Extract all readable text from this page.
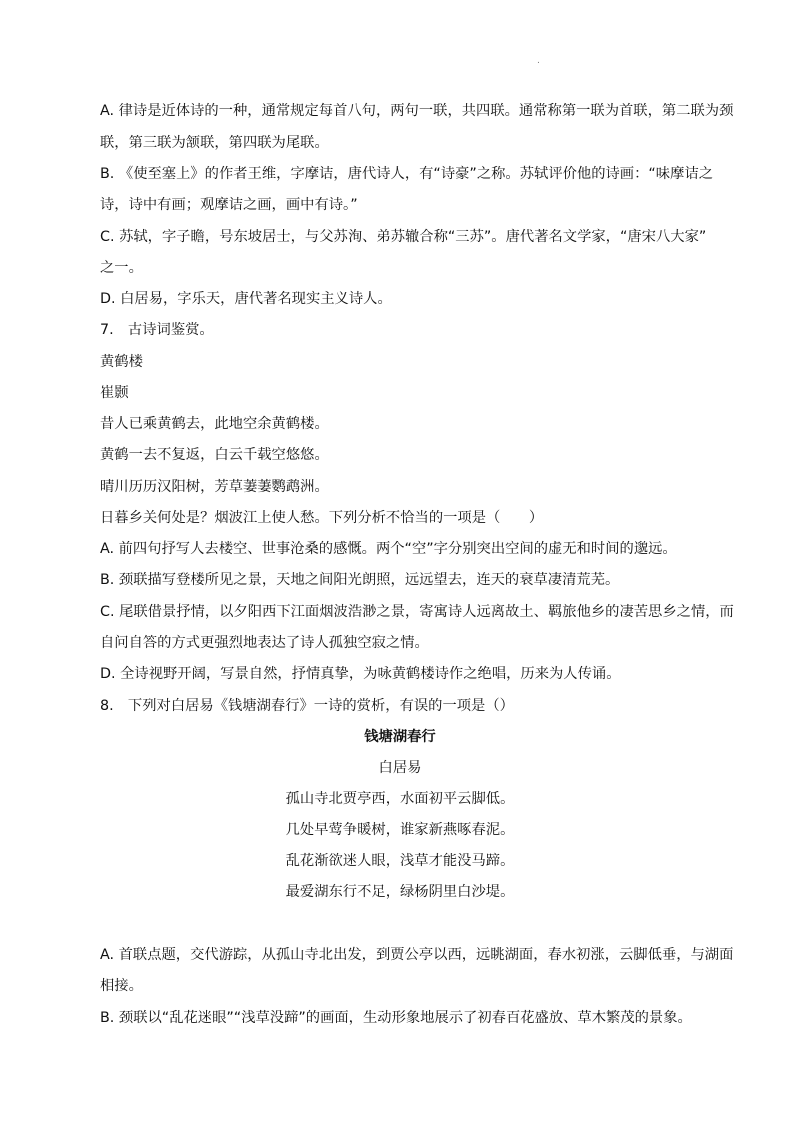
.
A. 律诗是近体诗的一种，通常规定每首八句，两句一联，共四联。通常称第一联为首联，第二联为颈
联，第三联为颔联，第四联为尾联。
B. 《使至塞上》的作者王维，字摩诘，唐代诗人，有“诗豪”之称。苏轼评价他的诗画：“味摩诘之
诗，诗中有画；观摩诘之画，画中有诗。”
C. 苏轼，字子瞻，号东坡居士，与父苏洵、弟苏辙合称“三苏”。唐代著名文学家，“唐宋八大家”
之一。
D. 白居易，字乐天，唐代著名现实主义诗人。
7.　古诗词鉴赏。
黄鹤楼
崔颢
昔人已乘黄鹤去，此地空余黄鹤楼。
黄鹤一去不复返，白云千载空悠悠。
晴川历历汉阳树，芳草萋萋鹦鹉洲。
日暮乡关何处是？烟波江上使人愁。下列分析不恰当的一项是（　　）
A. 前四句抒写人去楼空、世事沧桑的感慨。两个“空”字分别突出空间的虚无和时间的邈远。
B. 颈联描写登楼所见之景，天地之间阳光朗照，远远望去，连天的衰草凄清荒芜。
C. 尾联借景抒情，以夕阳西下江面烟波浩渺之景，寄寓诗人远离故土、羁旅他乡的凄苦思乡之情，而
自问自答的方式更强烈地表达了诗人孤独空寂之情。
D. 全诗视野开阔，写景自然，抒情真挚，为咏黄鹤楼诗作之绝唱，历来为人传诵。
8.　下列对白居易《钱塘湖春行》一诗的赏析，有误的一项是（）
钱塘湖春行
白居易
孤山寺北贾亭西，水面初平云脚低。
几处早莺争暖树，谁家新燕啄春泥。
乱花渐欲迷人眼，浅草才能没马蹄。
最爱湖东行不足，绿杨阴里白沙堤。
A. 首联点题，交代游踪，从孤山寺北出发，到贾公亭以西，远眺湖面，春水初涨，云脚低垂，与湖面
相接。
B. 颈联以“乱花迷眼”“浅草没蹄”的画面，生动形象地展示了初春百花盛放、草木繁茂的景象。
